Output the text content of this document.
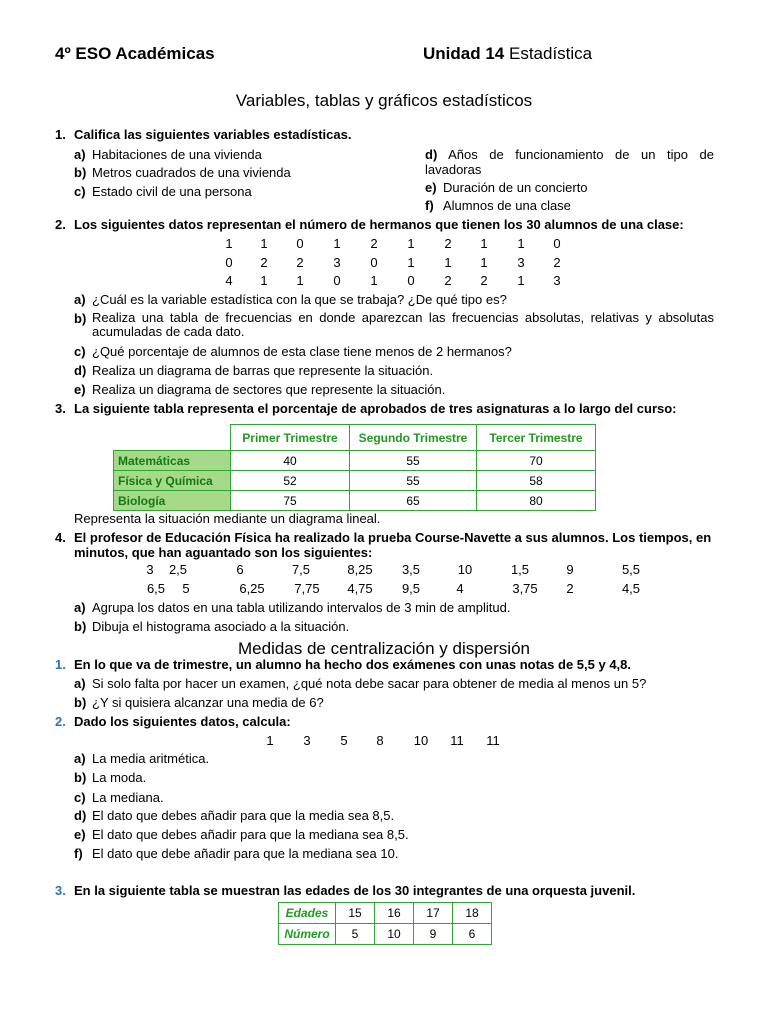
4º ESO Académicas	Unidad 14 Estadística
Variables, tablas y gráficos estadísticos
1. Califica las siguientes variables estadísticas.
a) Habitaciones de una vivienda
b) Metros cuadrados de una vivienda
c) Estado civil de una persona
d) Años de funcionamiento de un tipo de lavadoras
e) Duración de un concierto
f) Alumnos de una clase
2. Los siguientes datos representan el número de hermanos que tienen los 30 alumnos de una clase:
1	1	0	1	2	1	2	1	1	0
0	2	2	3	0	1	1	1	3	2
4	1	1	0	1	0	2	2	1	3
a) ¿Cuál es la variable estadística con la que se trabaja? ¿De qué tipo es?
b) Realiza una tabla de frecuencias en donde aparezcan las frecuencias absolutas, relativas y absolutas acumuladas de cada dato.
c) ¿Qué porcentaje de alumnos de esta clase tiene menos de 2 hermanos?
d) Realiza un diagrama de barras que represente la situación.
e) Realiza un diagrama de sectores que represente la situación.
3. La siguiente tabla representa el porcentaje de aprobados de tres asignaturas a lo largo del curso:
	Primer Trimestre	Segundo Trimestre	Tercer Trimestre
Matemáticas	40	55	70
Física y Química	52	55	58
Biología	75	65	80
Representa la situación mediante un diagrama lineal.
4. El profesor de Educación Física ha realizado la prueba Course-Navette a sus alumnos. Los tiempos, en
minutos, que han aguantado son los siguientes:
3	2,5	6	7,5	8,25	3,5	10	1,5	9	5,5
6,5	5	6,25 7,75 4,75	9,5	4	3,75	2	4,5
a) Agrupa los datos en una tabla utilizando intervalos de 3 min de amplitud.
b) Dibuja el histograma asociado a la situación.
Medidas de centralización y dispersión
1. En lo que va de trimestre, un alumno ha hecho dos exámenes con unas notas de 5,5 y 4,8.
a) Si solo falta por hacer un examen, ¿qué nota debe sacar para obtener de media al menos un 5?
b) ¿Y si quisiera alcanzar una media de 6?
2. Dado los siguientes datos, calcula:
1	3	5	8	10	11	11
a) La media aritmética.
b) La moda.
c) La mediana.
d) El dato que debes añadir para que la media sea 8,5.
e) El dato que debes añadir para que la mediana sea 8,5.
f) El dato que debe añadir para que la mediana sea 10.
3. En la siguiente tabla se muestran las edades de los 30 integrantes de una orquesta juvenil.
Edades	15	16	17	18
Número	5	10	9	6
